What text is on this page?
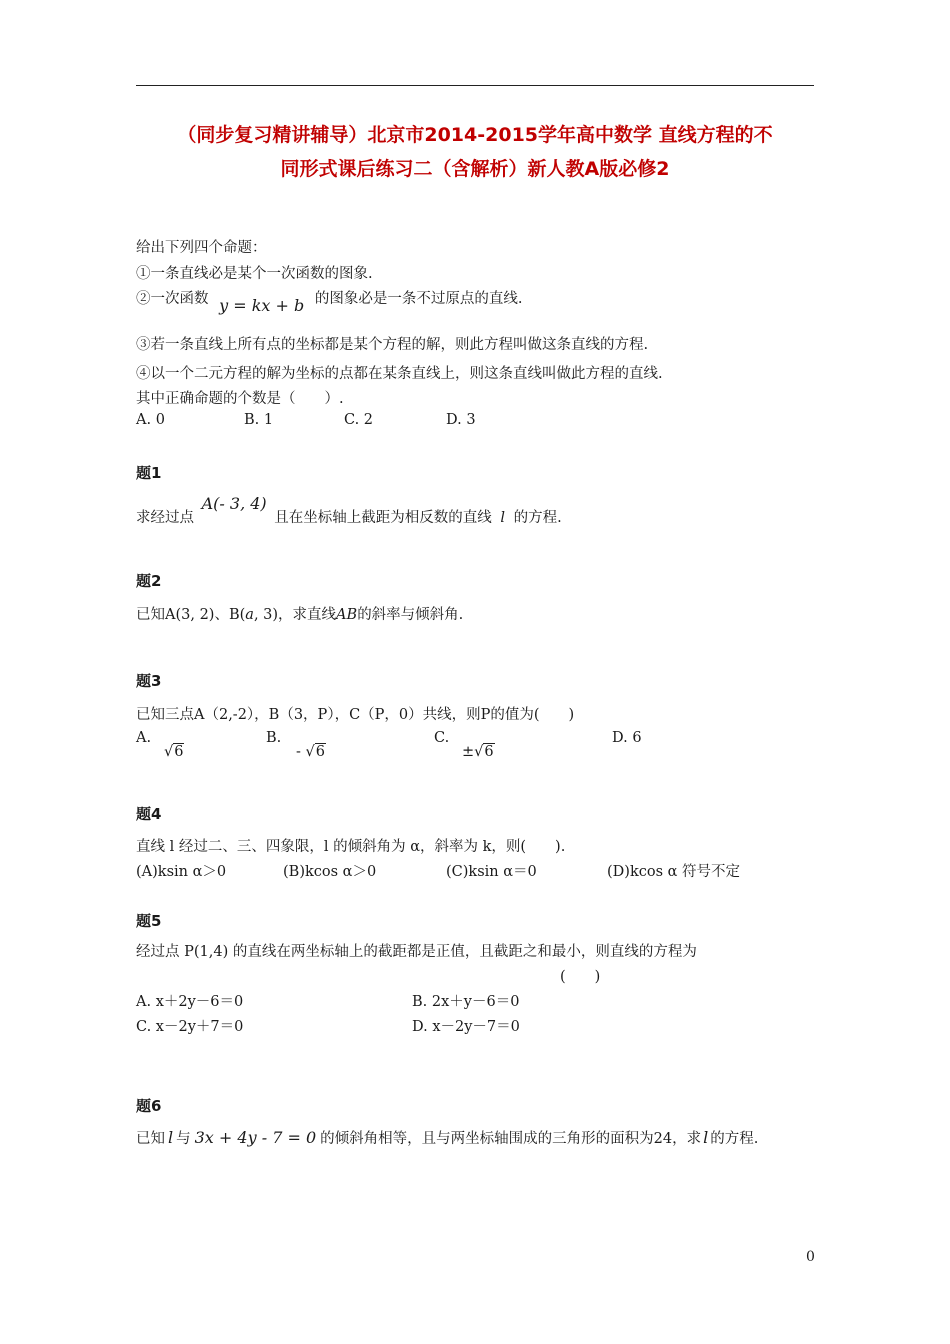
（同步复习精讲辅导）北京市2014-2015学年高中数学 直线方程的不
同形式课后练习二（含解析）新人教A版必修2
给出下列四个命题：
①一条直线必是某个一次函数的图象.
②一次函数 y = kx + b 的图象必是一条不过原点的直线.
③若一条直线上所有点的坐标都是某个方程的解，则此方程叫做这条直线的方程.
④以一个二元方程的解为坐标的点都在某条直线上，则这条直线叫做此方程的直线.
其中正确命题的个数是（　　）.
A. 0	B. 1	C. 2	D. 3
题1
求经过点 A(- 3, 4) 且在坐标轴上截距为相反数的直线 l 的方程.
题2
已知A(3, 2)、B(a, 3)，求直线AB的斜率与倾斜角.
题3
已知三点A（2,-2），B（3，P），C（P，0）共线，则P的值为(　　)
A.
√6
B.
- √6
C.
±√6
D. 6
题4
直线 l 经过二、三、四象限，l 的倾斜角为 α，斜率为 k，则(　　).
(A)ksin α＞0	(B)kcos α＞0	(C)ksin α＝0	(D)kcos α 符号不定
题5
经过点 P(1,4) 的直线在两坐标轴上的截距都是正值，且截距之和最小，则直线的方程为
(　　)
A. x＋2y－6＝0	B. 2x＋y－6＝0
C. x－2y＋7＝0	D. x－2y－7＝0
题6
已知 l 与 3x + 4y - 7 = 0 的倾斜角相等，且与两坐标轴围成的三角形的面积为24，求 l 的方程.
0
